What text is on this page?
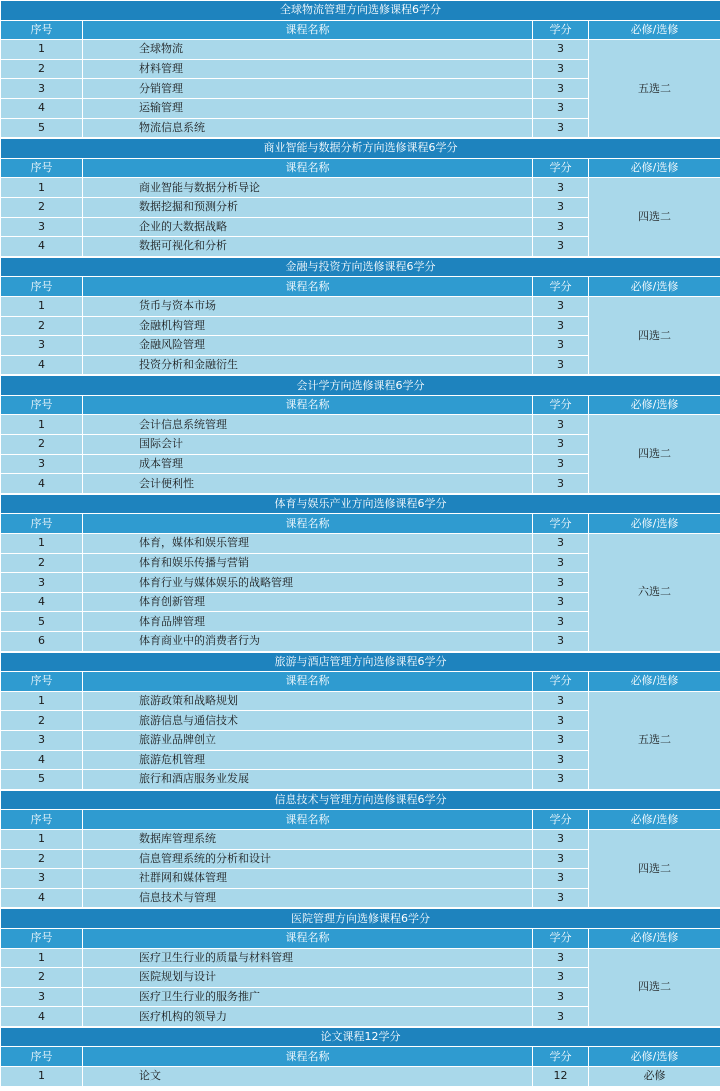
全球物流管理方向选修课程6学分			
序号	课程名称	学分	必修/选修
1	全球物流	3	五选二
2	材料管理	3	
3	分销管理	3	
4	运输管理	3	
5	物流信息系统	3	
商业智能与数据分析方向选修课程6学分			
序号	课程名称	学分	必修/选修
1	商业智能与数据分析导论	3	四选二
2	数据挖掘和预测分析	3	
3	企业的大数据战略	3	
4	数据可视化和分析	3	
金融与投资方向选修课程6学分			
序号	课程名称	学分	必修/选修
1	货币与资本市场	3	四选二
2	金融机构管理	3	
3	金融风险管理	3	
4	投资分析和金融衍生	3	
会计学方向选修课程6学分			
序号	课程名称	学分	必修/选修
1	会计信息系统管理	3	四选二
2	国际会计	3	
3	成本管理	3	
4	会计便利性	3	
体育与娱乐产业方向选修课程6学分			
序号	课程名称	学分	必修/选修
1	体育，媒体和娱乐管理	3	六选二
2	体育和娱乐传播与营销	3	
3	体育行业与媒体娱乐的战略管理	3	
4	体育创新管理	3	
5	体育品牌管理	3	
6	体育商业中的消费者行为	3	
旅游与酒店管理方向选修课程6学分			
序号	课程名称	学分	必修/选修
1	旅游政策和战略规划	3	五选二
2	旅游信息与通信技术	3	
3	旅游业品牌创立	3	
4	旅游危机管理	3	
5	旅行和酒店服务业发展	3	
信息技术与管理方向选修课程6学分			
序号	课程名称	学分	必修/选修
1	数据库管理系统	3	四选二
2	信息管理系统的分析和设计	3	
3	社群网和媒体管理	3	
4	信息技术与管理	3	
医院管理方向选修课程6学分			
序号	课程名称	学分	必修/选修
1	医疗卫生行业的质量与材料管理	3	四选二
2	医院规划与设计	3	
3	医疗卫生行业的服务推广	3	
4	医疗机构的领导力	3	
论文课程12学分			
序号	课程名称	学分	必修/选修
1	论文	12	必修
